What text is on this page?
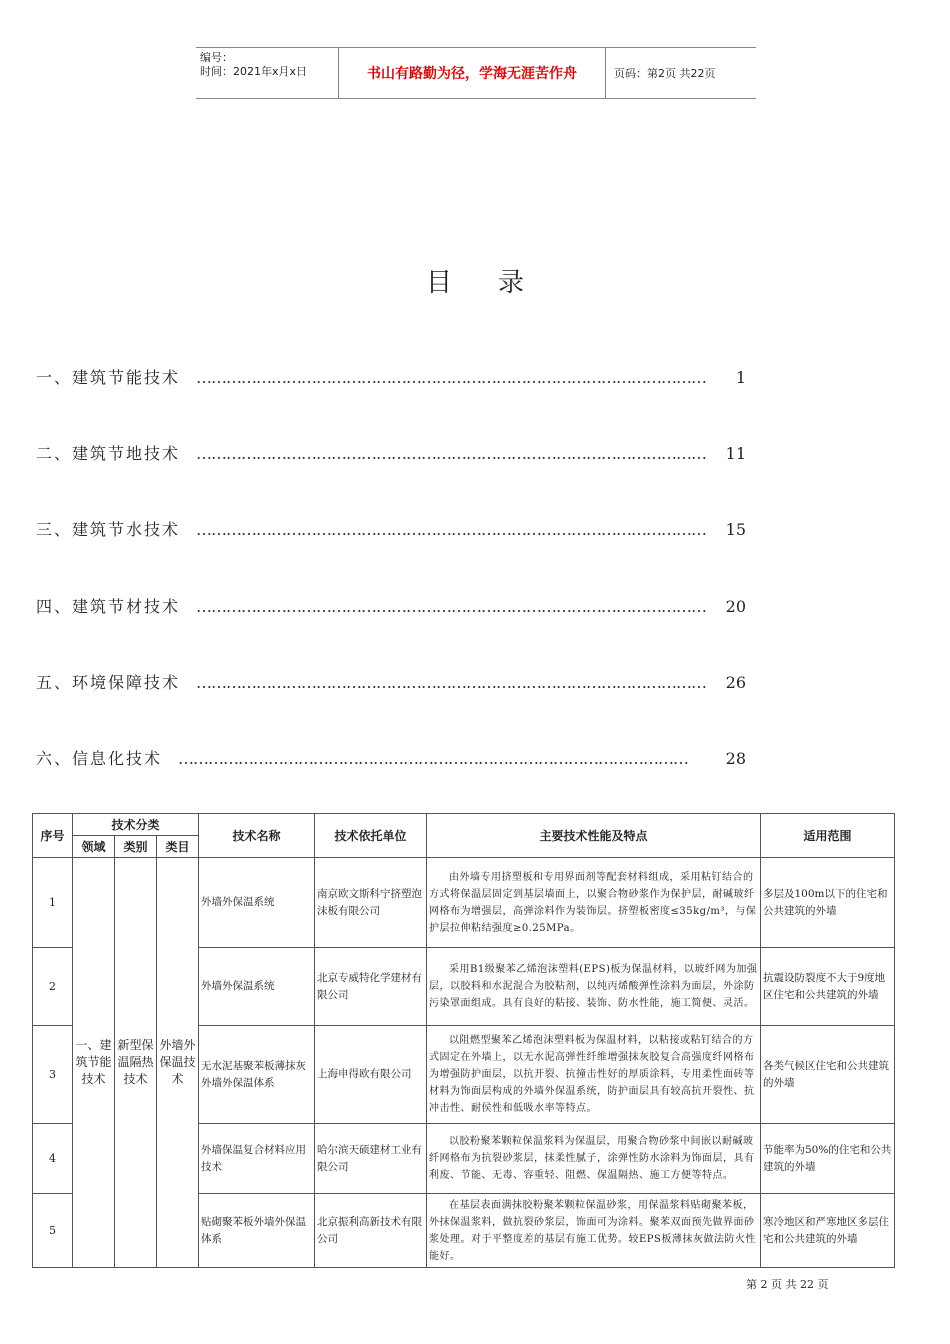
编号：
时间：2021年x月x日	书山有路勤为径，学海无涯苦作舟	页码：第2页 共22页
目录
一、建筑节能技术 …………………………………………………………………………………………	1
二、建筑节地技术 …………………………………………………………………………………………	11
三、建筑节水技术 …………………………………………………………………………………………	15
四、建筑节材技术 …………………………………………………………………………………………	20
五、环境保障技术 …………………………………………………………………………………………	26
六、信息化技术 …………………………………………………………………………………………	28
序号	技术分类			技术名称	技术依托单位	主要技术性能及特点	适用范围
	领域	类别	类目				
1	一、建筑节能技术	新型保温隔热技术	外墙外保温技术	外墙外保温系统	南京欧文斯科宁挤塑泡沫板有限公司	由外墙专用挤塑板和专用界面剂等配套材料组成，采用粘钉结合的方式将保温层固定到基层墙面上，以聚合物砂浆作为保护层，耐碱玻纤网格布为增强层，高弹涂料作为装饰层。挤塑板密度≤35kg/m³，与保护层拉伸粘结强度≥0.25MPa。	多层及100m以下的住宅和公共建筑的外墙
2				外墙外保温系统	北京专威特化学建材有限公司	采用B1级聚苯乙烯泡沫塑料(EPS)板为保温材料，以玻纤网为加强层，以胶料和水泥混合为胶粘剂，以纯丙烯酸弹性涂料为面层，外涂防污染罩面组成。具有良好的粘接、装饰、防水性能，施工简便、灵活。	抗震设防裂度不大于9度地区住宅和公共建筑的外墙
3				无水泥基聚苯板薄抹灰外墙外保温体系	上海申得欧有限公司	以阻燃型聚苯乙烯泡沫塑料板为保温材料，以粘接或粘钉结合的方式固定在外墙上，以无水泥高弹性纤维增强抹灰胶复合高强度纤网格布为增强防护面层，以抗开裂、抗撞击性好的厚质涂料，专用柔性面砖等材料为饰面层构成的外墙外保温系统，防护面层具有较高抗开裂性、抗冲击性、耐侯性和低吸水率等特点。	各类气候区住宅和公共建筑的外墙
4				外墙保温复合材料应用技术	哈尔滨天硕建材工业有限公司	以胶粉聚苯颗粒保温浆料为保温层，用聚合物砂浆中间嵌以耐碱玻纤网格布为抗裂砂浆层，抹柔性腻子，涂弹性防水涂料为饰面层，具有利废、节能、无毒、容重轻、阻燃、保温隔热、施工方便等特点。	节能率为50%的住宅和公共建筑的外墙
5				贴砌聚苯板外墙外保温体系	北京振利高新技术有限公司	在基层表面满抹胶粉聚苯颗粒保温砂浆，用保温浆料贴砌聚苯板，外抹保温浆料，做抗裂砂浆层，饰面可为涂料。聚苯双面预先做界面砂浆处理。对于平整度差的基层有施工优势。较EPS板薄抹灰做法防火性能好。	寒冷地区和严寒地区多层住宅和公共建筑的外墙
第 2 页 共 22 页
